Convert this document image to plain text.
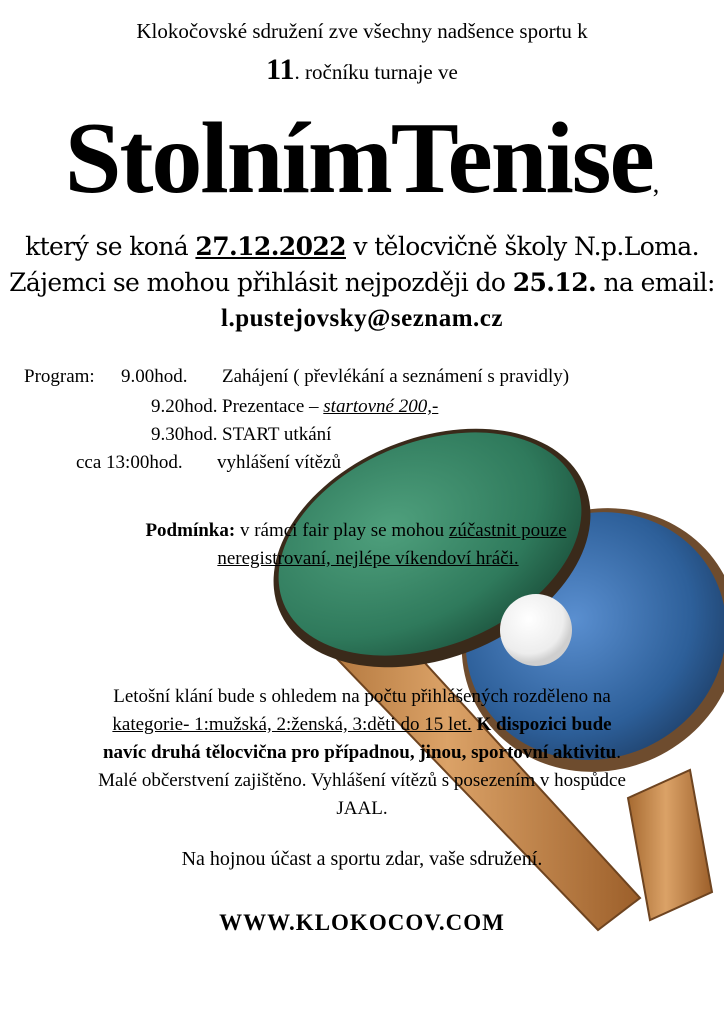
Klokočovské sdružení zve všechny nadšence sportu k
11. ročníku turnaje ve
StolnímTenise,
který se koná 27.12.2022 v tělocvičně školy N.p.Loma.
Zájemci se mohou přihlásit nejpozději do 25.12. na email:
l.pustejovsky@seznam.cz
Program: 9.00hod. Zahájení ( převlékání a seznámení s pravidly)
9.20hod. Prezentace – startovné 200,-
9.30hod. START utkání
cca 13:00hod. vyhlášení vítězů
Podmínka: v rámci fair play se mohou zúčastnit pouze
neregistrovaní, nejlépe víkendoví hráči.
Letošní klání bude s ohledem na počtu přihlášených rozděleno na
kategorie- 1:mužská, 2:ženská, 3:děti do 15 let. K dispozici bude
navíc druhá tělocvična pro případnou, jinou, sportovní aktivitu.
Malé občerstvení zajištěno. Vyhlášení vítězů s posezením v hospůdce
JAAL.
Na hojnou účast a sportu zdar, vaše sdružení.
WWW.KLOKOCOV.COM
